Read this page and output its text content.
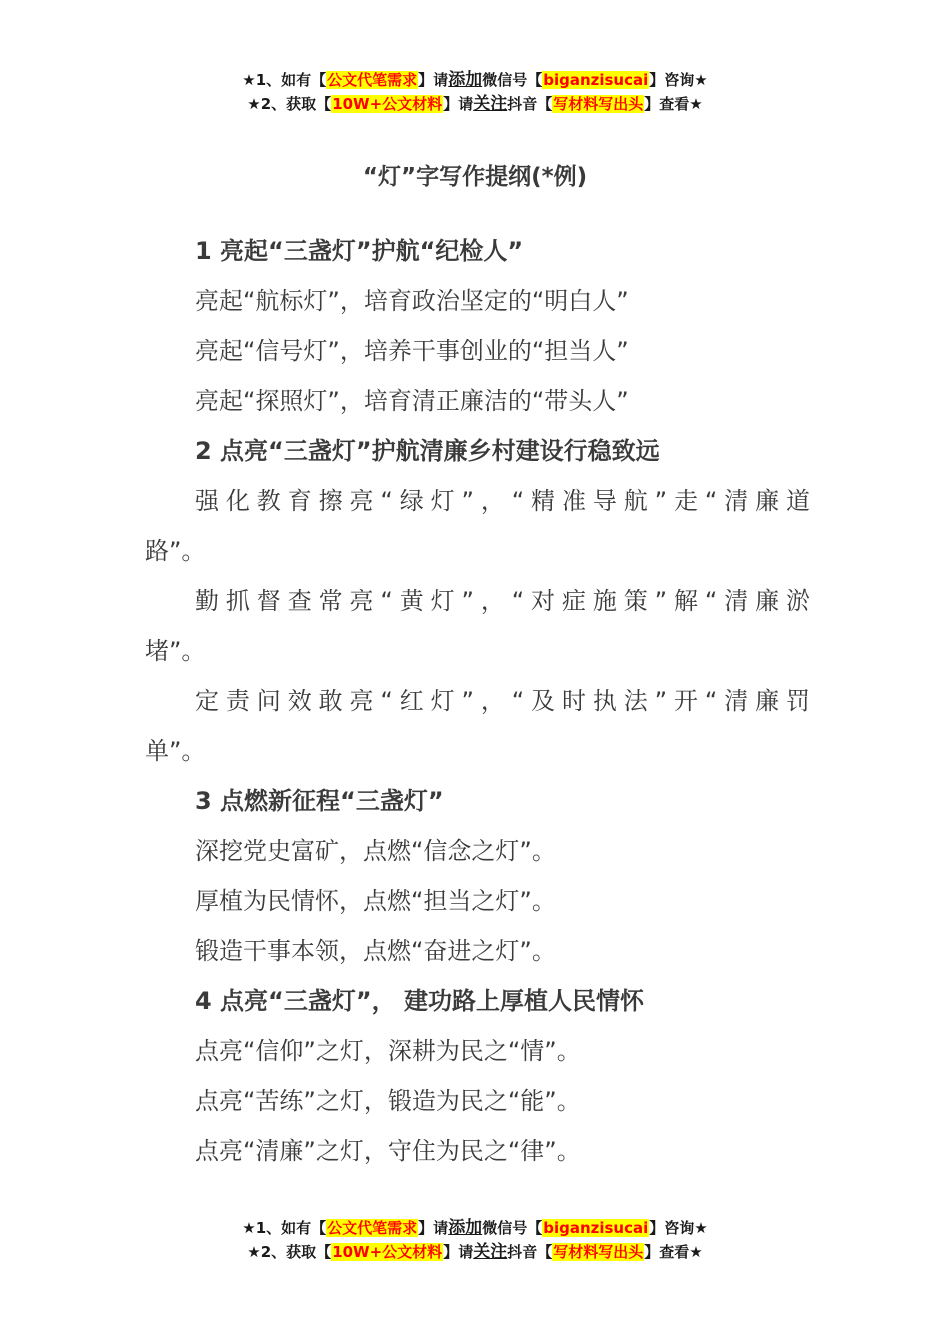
★1、如有【公文代笔需求】请添加微信号【biganzisucai】咨询★
★2、获取【10W+公文材料】请关注抖音【写材料写出头】查看★
“灯”字写作提纲(*例)

1 亮起“三盏灯”护航“纪检人”

亮起“航标灯”，培育政治坚定的“明白人”

亮起“信号灯”，培养干事创业的“担当人”

亮起“探照灯”，培育清正廉洁的“带头人”

2 点亮“三盏灯”护航清廉乡村建设行稳致远

强化教育擦亮“绿灯”，“精准导航”走“清廉道

路”。

勤抓督查常亮“黄灯”，“对症施策”解“清廉淤

堵”。

定责问效敢亮“红灯”，“及时执法”开“清廉罚

单”。

3 点燃新征程“三盏灯”

深挖党史富矿，点燃“信念之灯”。

厚植为民情怀，点燃“担当之灯”。

锻造干事本领，点燃“奋进之灯”。

4 点亮“三盏灯”， 建功路上厚植人民情怀

点亮“信仰”之灯，深耕为民之“情”。

点亮“苦练”之灯，锻造为民之“能”。

点亮“清廉”之灯，守住为民之“律”。

★1、如有【公文代笔需求】请添加微信号【biganzisucai】咨询★
★2、获取【10W+公文材料】请关注抖音【写材料写出头】查看★
